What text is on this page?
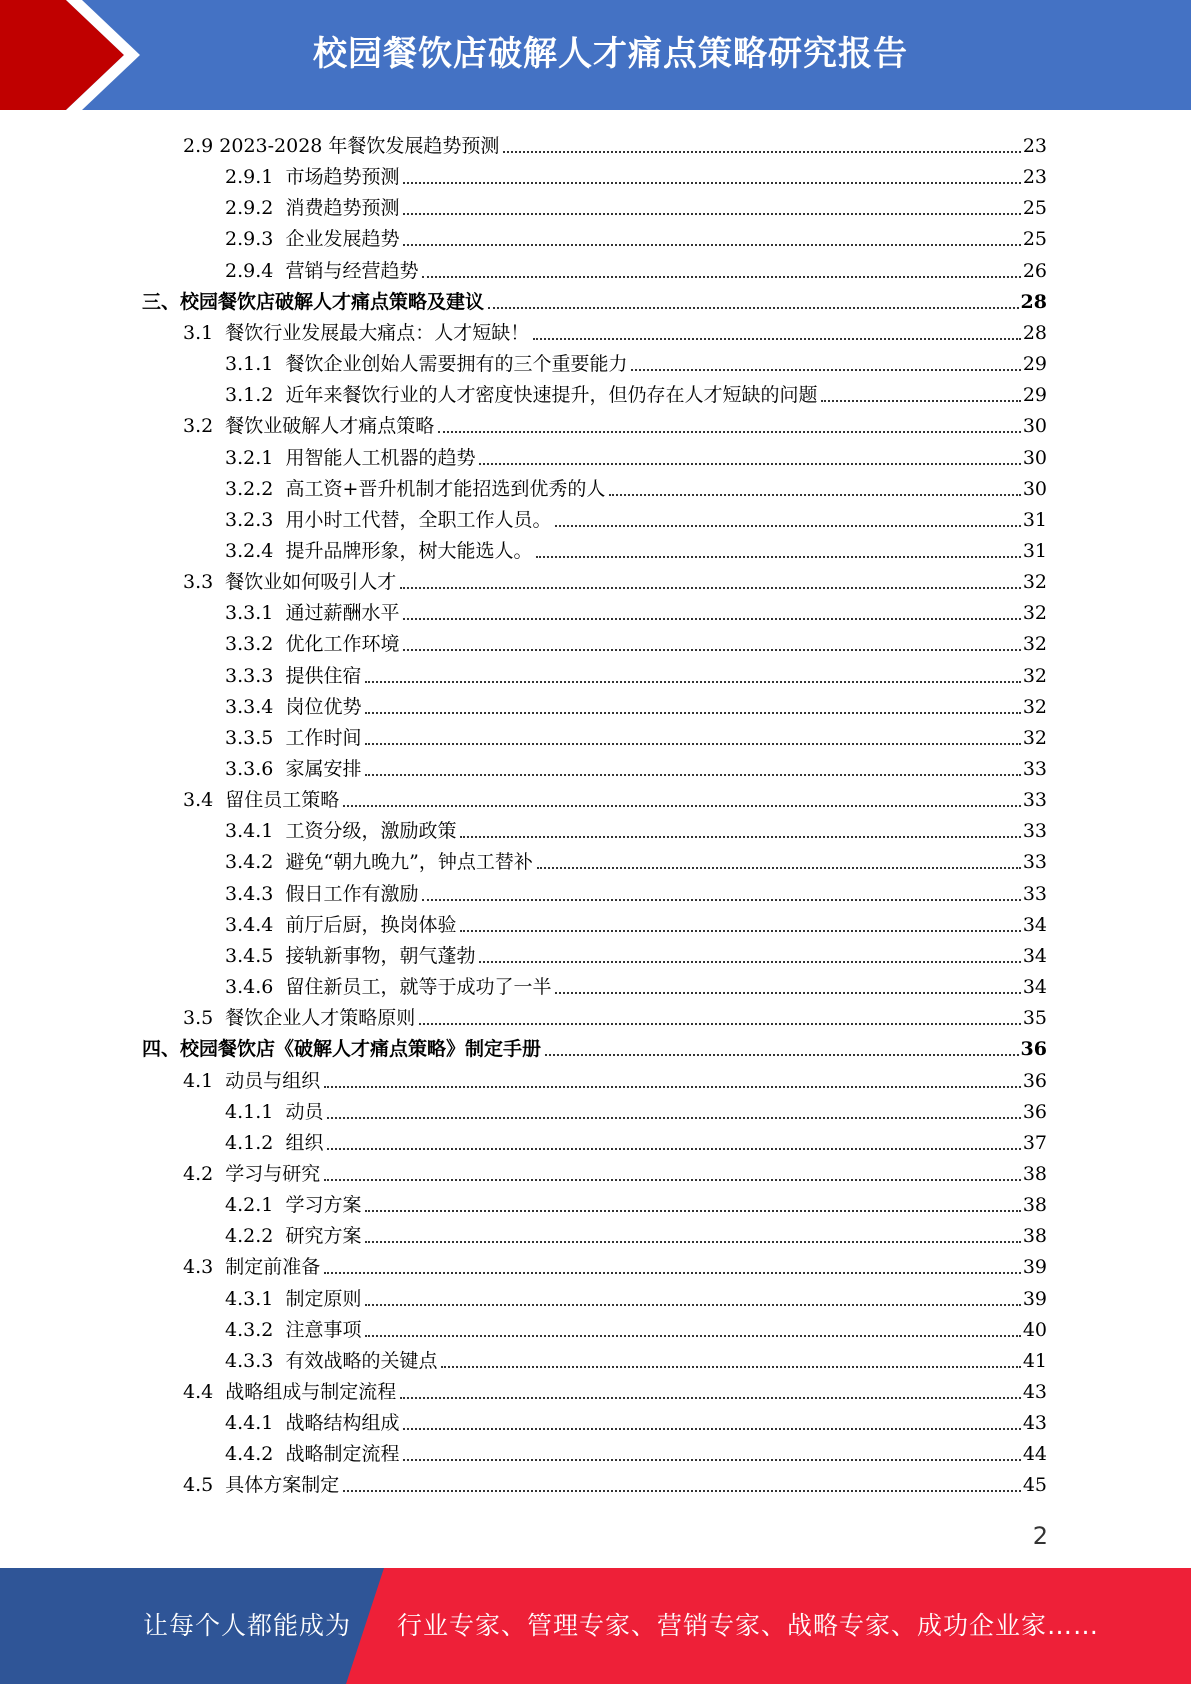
校园餐饮店破解人才痛点策略研究报告
2.9 2023-2028 年餐饮发展趋势预测	23
2.9.1 市场趋势预测	23
2.9.2 消费趋势预测	25
2.9.3 企业发展趋势	25
2.9.4 营销与经营趋势	26
三、 校园餐饮店破解人才痛点策略及建议	28
3.1 餐饮行业发展最大痛点：人才短缺！	28
3.1.1 餐饮企业创始人需要拥有的三个重要能力	29
3.1.2 近年来餐饮行业的人才密度快速提升，但仍存在人才短缺的问题	29
3.2 餐饮业破解人才痛点策略	30
3.2.1 用智能人工机器的趋势	30
3.2.2 高工资+晋升机制才能招选到优秀的人	30
3.2.3 用小时工代替，全职工作人员。	31
3.2.4 提升品牌形象，树大能选人。	31
3.3 餐饮业如何吸引人才	32
3.3.1 通过薪酬水平	32
3.3.2 优化工作环境	32
3.3.3 提供住宿	32
3.3.4 岗位优势	32
3.3.5 工作时间	32
3.3.6 家属安排	33
3.4 留住员工策略	33
3.4.1 工资分级，激励政策	33
3.4.2 避免“朝九晚九”，钟点工替补	33
3.4.3 假日工作有激励	33
3.4.4 前厅后厨，换岗体验	34
3.4.5 接轨新事物，朝气蓬勃	34
3.4.6 留住新员工，就等于成功了一半	34
3.5 餐饮企业人才策略原则	35
四、 校园餐饮店《破解人才痛点策略》制定手册	36
4.1 动员与组织	36
4.1.1 动员	36
4.1.2 组织	37
4.2 学习与研究	38
4.2.1 学习方案	38
4.2.2 研究方案	38
4.3 制定前准备	39
4.3.1 制定原则	39
4.3.2 注意事项	40
4.3.3 有效战略的关键点	41
4.4 战略组成与制定流程	43
4.4.1 战略结构组成	43
4.4.2 战略制定流程	44
4.5 具体方案制定	45
2
让每个人都能成为 行业专家、管理专家、营销专家、战略专家、成功企业家……
